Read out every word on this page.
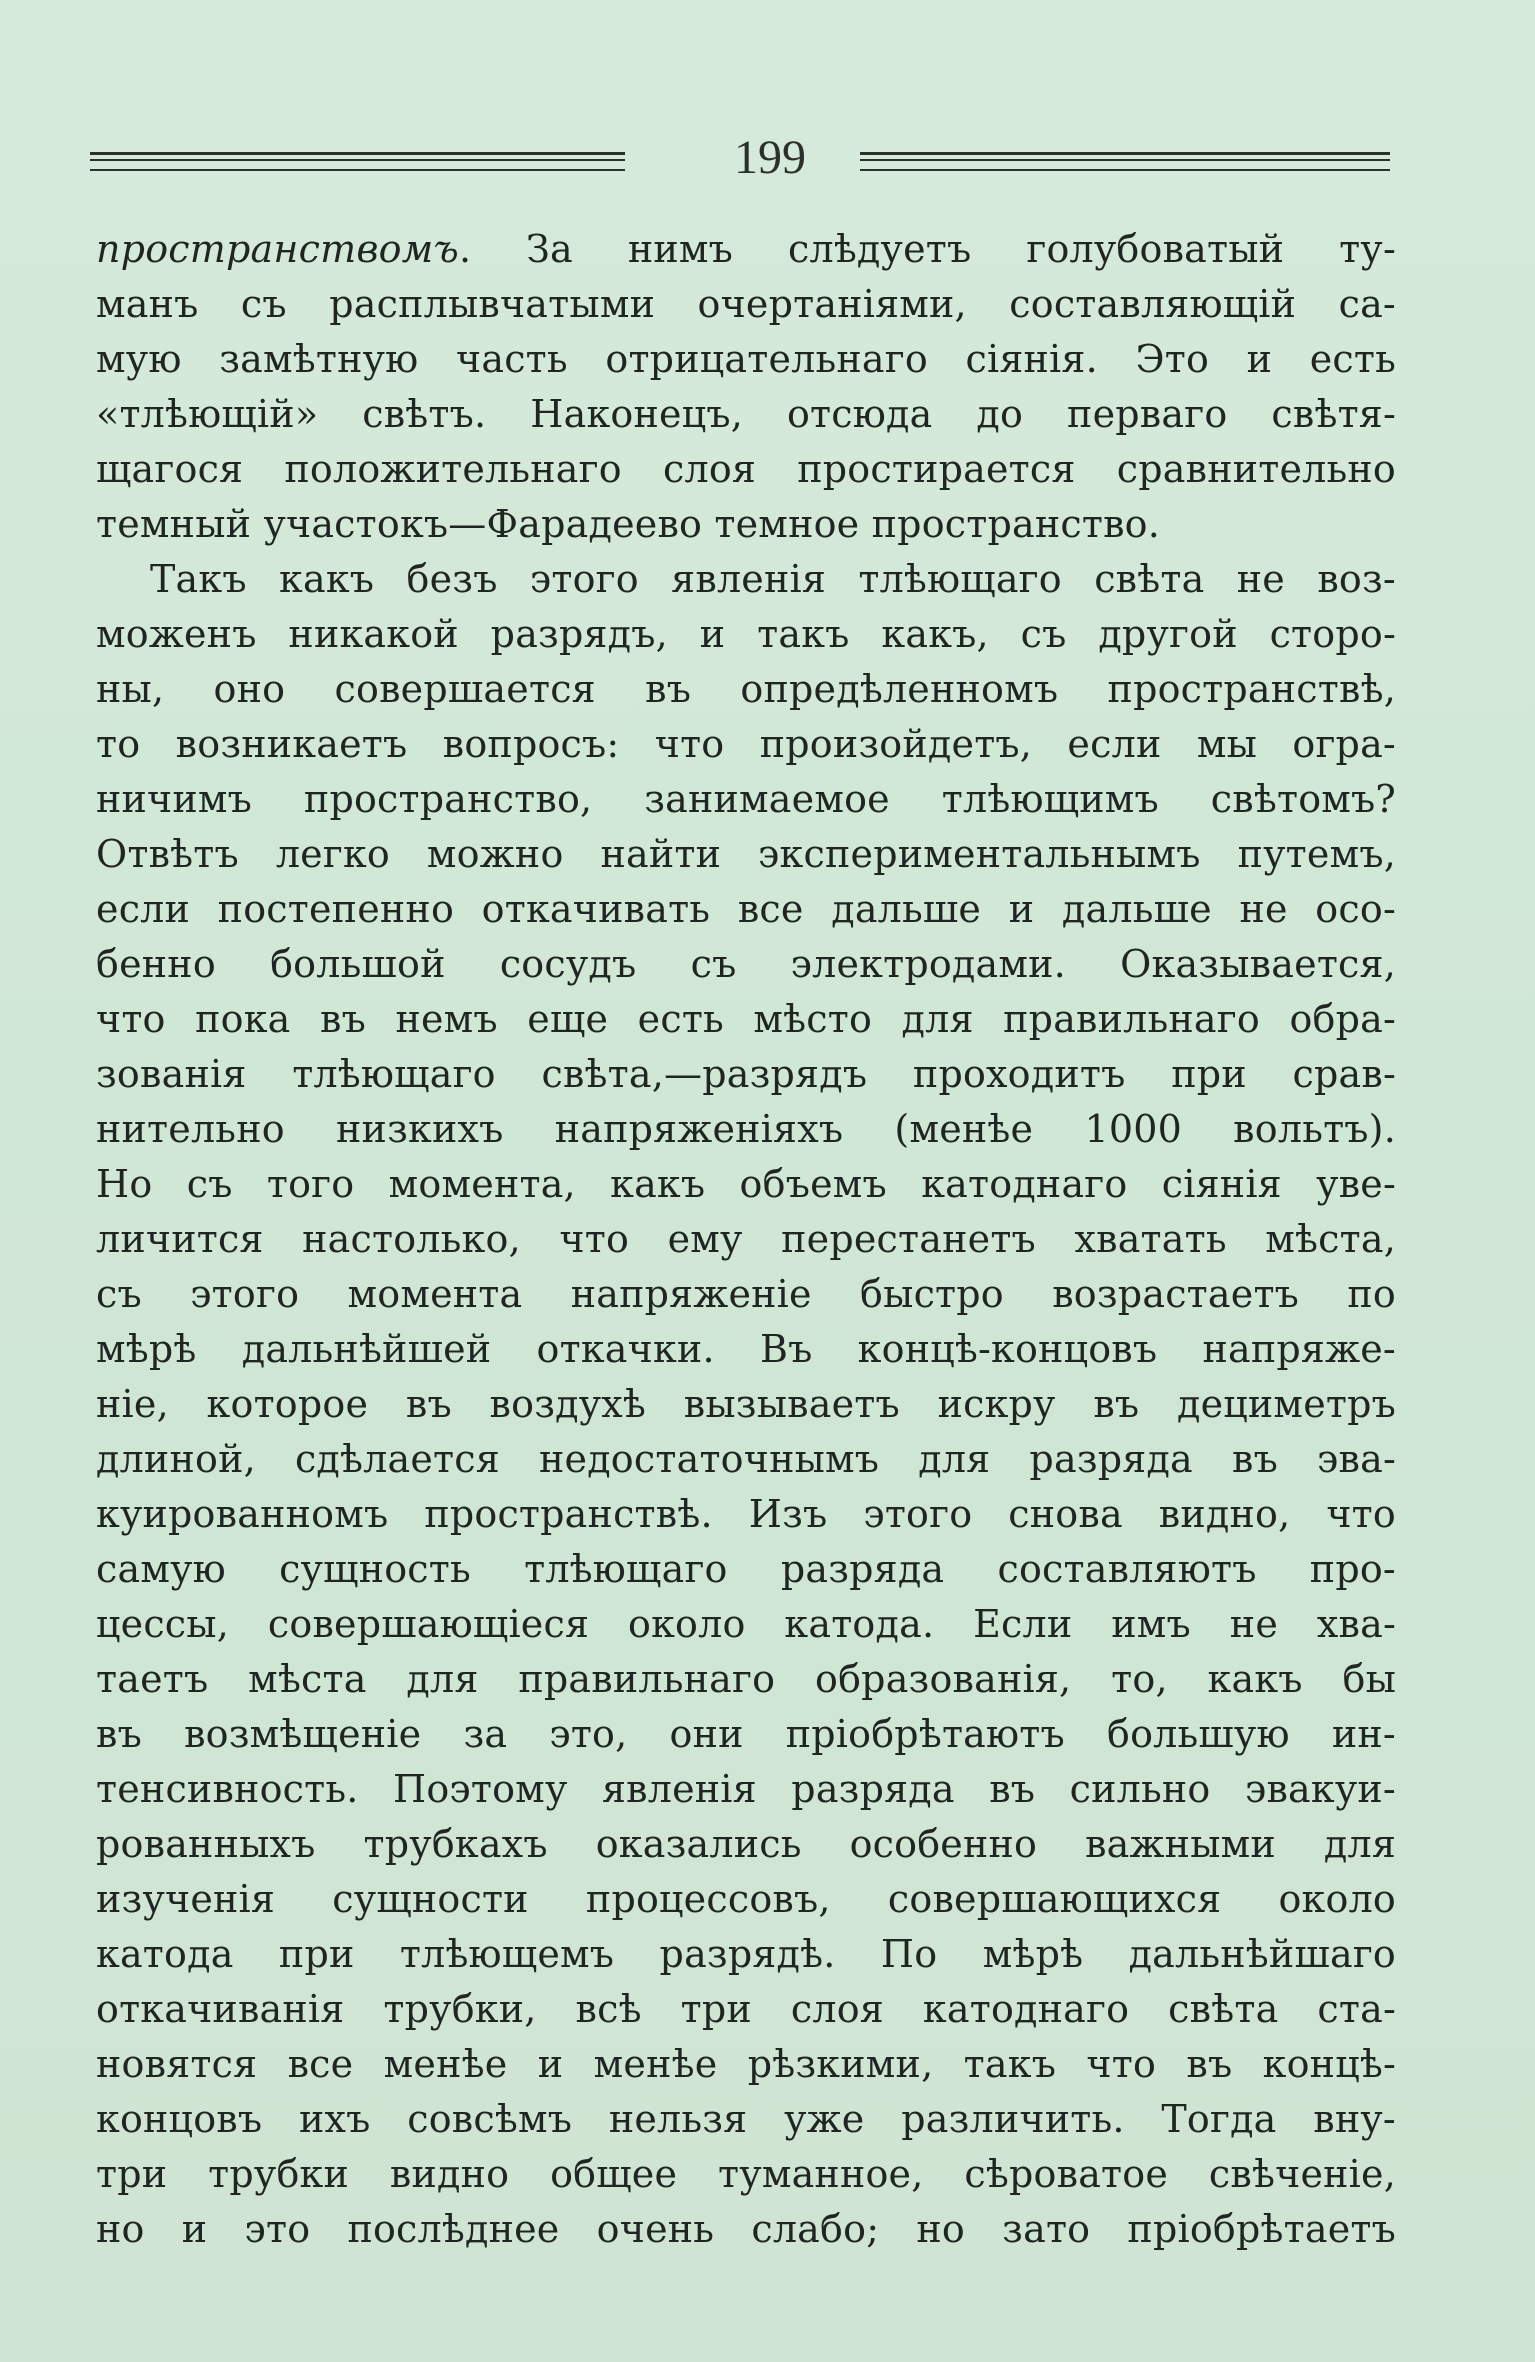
199
пространствомъ. За нимъ слѣдуетъ голубоватый ту-
манъ съ расплывчатыми очертаніями, составляющій са-
мую замѣтную часть отрицательнаго сіянія. Это и есть
«тлѣющій» свѣтъ. Наконецъ, отсюда до перваго свѣтя-
щагося положительнаго слоя простирается сравнительно
темный участокъ—Фарадеево темное пространство.
Такъ какъ безъ этого явленія тлѣющаго свѣта не воз-
моженъ никакой разрядъ, и такъ какъ, съ другой сторо-
ны, оно совершается въ опредѣленномъ пространствѣ,
то возникаетъ вопросъ: что произойдетъ, если мы огра-
ничимъ пространство, занимаемое тлѣющимъ свѣтомъ?
Отвѣтъ легко можно найти экспериментальнымъ путемъ,
если постепенно откачивать все дальше и дальше не осо-
бенно большой сосудъ съ электродами. Оказывается,
что пока въ немъ еще есть мѣсто для правильнаго обра-
зованія тлѣющаго свѣта,—разрядъ проходитъ при срав-
нительно низкихъ напряженіяхъ (менѣе 1000 вольтъ).
Но съ того момента, какъ объемъ катоднаго сіянія уве-
личится настолько, что ему перестанетъ хватать мѣста,
съ этого момента напряженіе быстро возрастаетъ по
мѣрѣ дальнѣйшей откачки. Въ концѣ-концовъ напряже-
ніе, которое въ воздухѣ вызываетъ искру въ дециметръ
длиной, сдѣлается недостаточнымъ для разряда въ эва-
куированномъ пространствѣ. Изъ этого снова видно, что
самую сущность тлѣющаго разряда составляютъ про-
цессы, совершающіеся около катода. Если имъ не хва-
таетъ мѣста для правильнаго образованія, то, какъ бы
въ возмѣщеніе за это, они пріобрѣтаютъ большую ин-
тенсивность. Поэтому явленія разряда въ сильно эвакуи-
рованныхъ трубкахъ оказались особенно важными для
изученія сущности процессовъ, совершающихся около
катода при тлѣющемъ разрядѣ. По мѣрѣ дальнѣйшаго
откачиванія трубки, всѣ три слоя катоднаго свѣта ста-
новятся все менѣе и менѣе рѣзкими, такъ что въ концѣ-
концовъ ихъ совсѣмъ нельзя уже различить. Тогда вну-
три трубки видно общее туманное, сѣроватое свѣченіе,
но и это послѣднее очень слабо; но зато пріобрѣтаетъ
